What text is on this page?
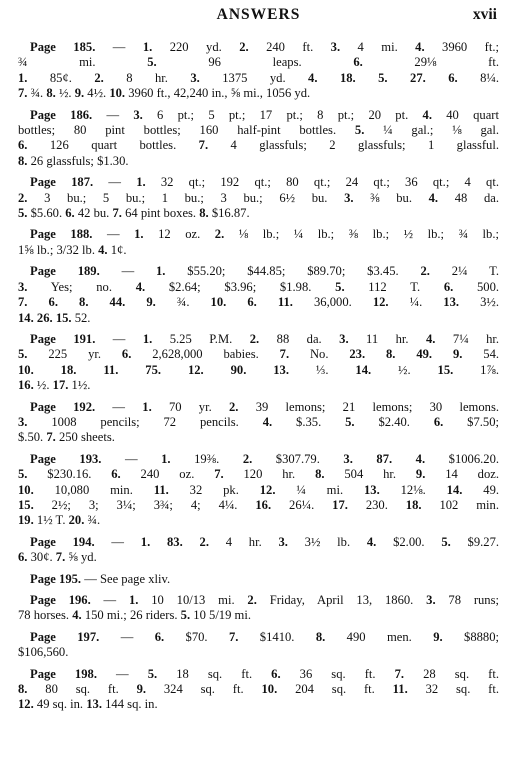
ANSWERS	xvii
Page 185. — 1. 220 yd. 2. 240 ft. 3. 4 mi. 4. 3960 ft.;
¾ mi. 5. 96 leaps. 6. 29⅛ ft.
1. 85¢. 2. 8 hr. 3. 1375 yd. 4. 18. 5. 27. 6. 8¼.
7. ¾. 8. ½. 9. 4½. 10. 3960 ft., 42,240 in., ⅝ mi., 1056 yd.
Page 186. — 3. 6 pt.; 5 pt.; 17 pt.; 8 pt.; 20 pt. 4. 40 quart
bottles; 80 pint bottles; 160 half-pint bottles. 5. ¼ gal.; ⅛ gal.
6. 126 quart bottles. 7. 4 glassfuls; 2 glassfuls; 1 glassful.
8. 26 glassfuls; $1.30.
Page 187. — 1. 32 qt.; 192 qt.; 80 qt.; 24 qt.; 36 qt.; 4 qt.
2. 3 bu.; 5 bu.; 1 bu.; 3 bu.; 6½ bu. 3. ⅜ bu. 4. 48 da.
5. $5.60. 6. 42 bu. 7. 64 pint boxes. 8. $16.87.
Page 188. — 1. 12 oz. 2. ⅛ lb.; ¼ lb.; ⅜ lb.; ½ lb.; ¾ lb.;
1⅝ lb.; 3/32 lb. 4. 1¢.
Page 189. — 1. $55.20; $44.85; $89.70; $3.45. 2. 2¼ T.
3. Yes; no. 4. $2.64; $3.96; $1.98. 5. 112 T. 6. 500.
7. 6. 8. 44. 9. ¾. 10. 6. 11. 36,000. 12. ¼. 13. 3½.
14. 26. 15. 52.
Page 191. — 1. 5.25 P.M. 2. 88 da. 3. 11 hr. 4. 7¼ hr.
5. 225 yr. 6. 2,628,000 babies. 7. No. 23. 8. 49. 9. 54.
10. 18. 11. 75. 12. 90. 13. ⅓. 14. ½. 15. 1⅞.
16. ½. 17. 1½.
Page 192. — 1. 70 yr. 2. 39 lemons; 21 lemons; 30 lemons.
3. 1008 pencils; 72 pencils. 4. $.35. 5. $2.40. 6. $7.50;
$.50. 7. 250 sheets.
Page 193. — 1. 19⅜. 2. $307.79. 3. 87. 4. $1006.20.
5. $230.16. 6. 240 oz. 7. 120 hr. 8. 504 hr. 9. 14 doz.
10. 10,080 min. 11. 32 pk. 12. ¼ mi. 13. 12⅛. 14. 49.
15. 2½; 3; 3¼; 3¾; 4; 4¼. 16. 26¼. 17. 230. 18. 102 min.
19. 1½ T. 20. ¾.
Page 194. — 1. 83. 2. 4 hr. 3. 3½ lb. 4. $2.00. 5. $9.27.
6. 30¢. 7. ⅝ yd.
Page 195. — See page xliv.
Page 196. — 1. 10 10/13 mi. 2. Friday, April 13, 1860. 3. 78 runs;
78 horses. 4. 150 mi.; 26 riders. 5. 10 5/19 mi.
Page 197. — 6. $70. 7. $1410. 8. 490 men. 9. $8880;
$106,560.
Page 198. — 5. 18 sq. ft. 6. 36 sq. ft. 7. 28 sq. ft.
8. 80 sq. ft. 9. 324 sq. ft. 10. 204 sq. ft. 11. 32 sq. ft.
12. 49 sq. in. 13. 144 sq. in.
